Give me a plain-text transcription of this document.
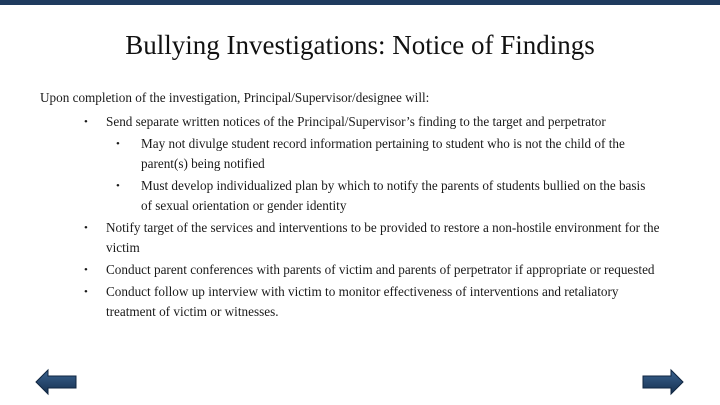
Bullying Investigations: Notice of Findings
Upon completion of the investigation, Principal/Supervisor/designee will:
• Send separate written notices of the Principal/Supervisor’s finding to the target and perpetrator
• May not divulge student record information pertaining to student who is not the child of the parent(s) being notified
• Must develop individualized plan by which to notify the parents of students bullied on the basis of sexual orientation or gender identity
• Notify target of the services and interventions to be provided to restore a non-hostile environment for the victim
• Conduct parent conferences with parents of victim and parents of perpetrator if appropriate or requested
• Conduct follow up interview with victim to monitor effectiveness of interventions and retaliatory treatment of victim or witnesses.
